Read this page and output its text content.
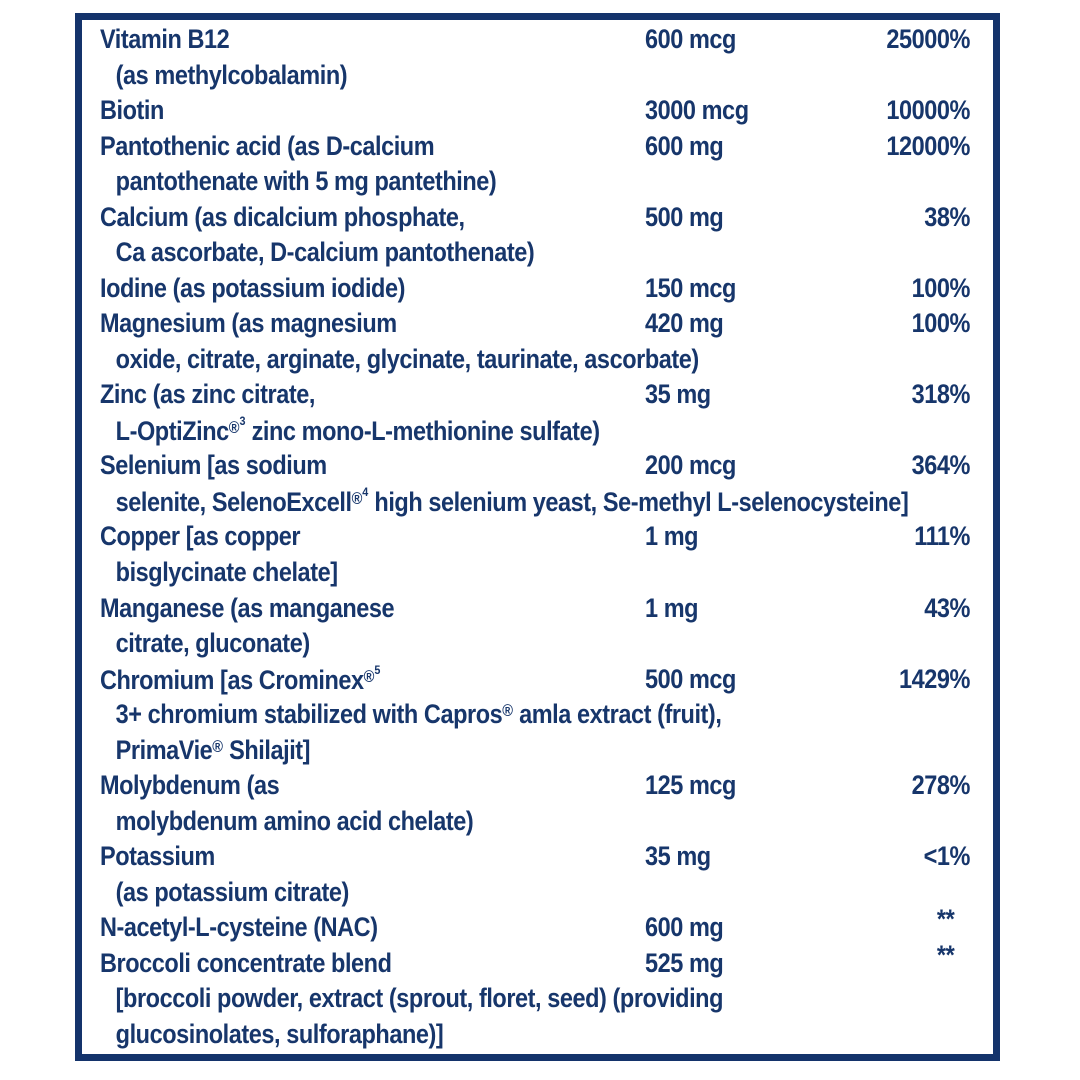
Vitamin B12	600 mcg	25000%
(as methylcobalamin)
Biotin	3000 mcg	10000%
Pantothenic acid (as D-calcium	600 mg	12000%
pantothenate with 5 mg pantethine)
Calcium (as dicalcium phosphate,	500 mg	38%
Ca ascorbate, D-calcium pantothenate)
Iodine (as potassium iodide)	150 mcg	100%
Magnesium (as magnesium	420 mg	100%
oxide, citrate, arginate, glycinate, taurinate, ascorbate)
Zinc (as zinc citrate,	35 mg	318%
L-OptiZinc$^{®3}$ zinc mono-L-methionine sulfate)
Selenium [as sodium	200 mcg	364%
selenite, SelenoExcell$^{®4}$ high selenium yeast, Se-methyl L-selenocysteine]
Copper [as copper	1 mg	111%
bisglycinate chelate]
Manganese (as manganese	1 mg	43%
citrate, gluconate)
Chromium [as Crominex$^{®5}$	500 mcg	1429%
3+ chromium stabilized with Capros® amla extract (fruit),
PrimaVie® Shilajit]
Molybdenum (as	125 mcg	278%
molybdenum amino acid chelate)
Potassium	35 mg	<1%
(as potassium citrate)
N-acetyl-L-cysteine (NAC)	600 mg	**
Broccoli concentrate blend	525 mg	**
[broccoli powder, extract (sprout, floret, seed) (providing
glucosinolates, sulforaphane)]
